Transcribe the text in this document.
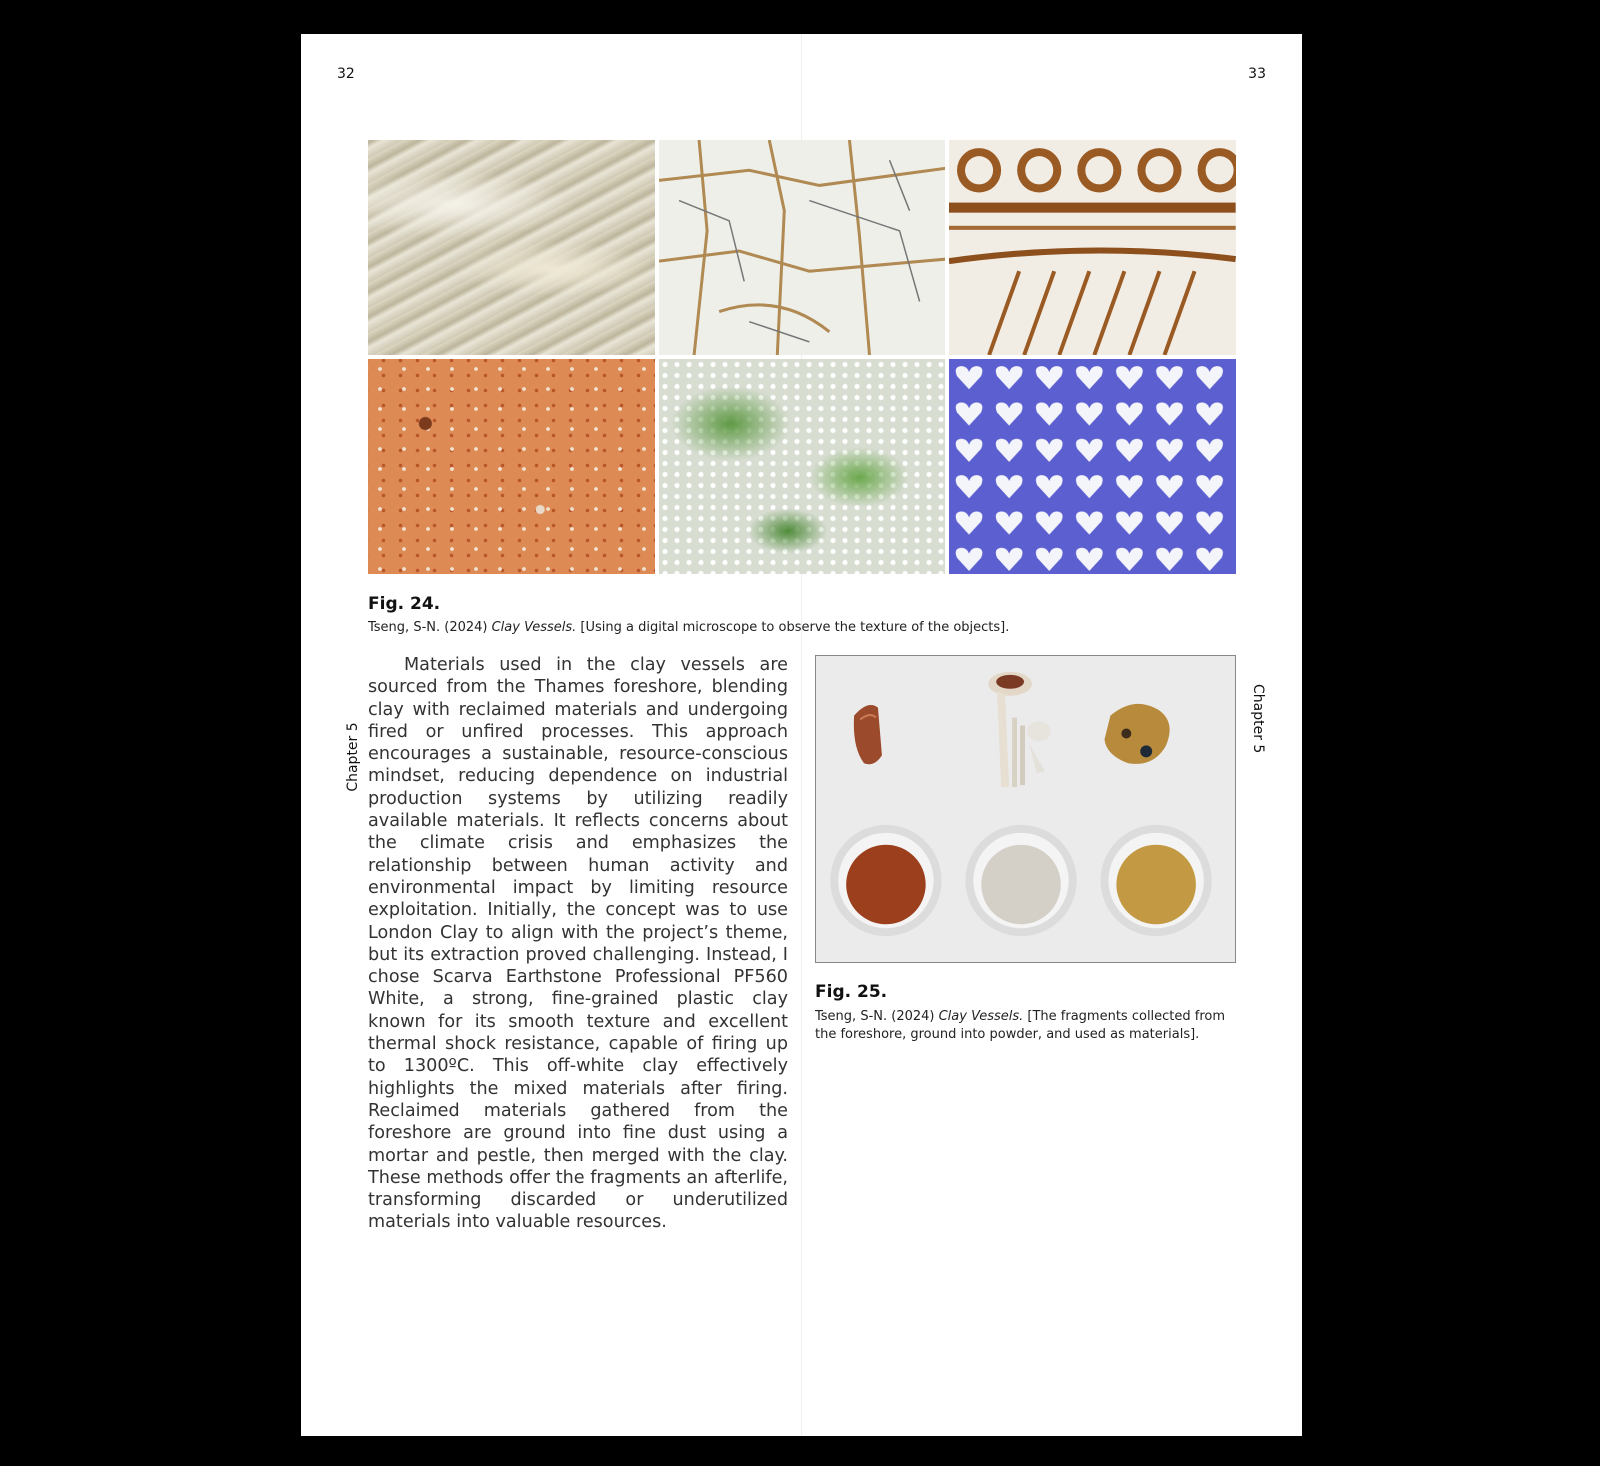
32	33
Chapter 5
Chapter 5
Fig. 24.
Tseng, S-N. (2024) Clay Vessels. [Using a digital microscope to observe the texture of the objects].

Materials used in the clay vessels are sourced from the Thames foreshore, blending clay with reclaimed materials and undergoing fired or unfired processes. This approach encourages a sustainable, resource-conscious mindset, reducing dependence on industrial production systems by utilizing readily available materials. It reflects concerns about the climate crisis and emphasizes the relationship between human activity and environmental impact by limiting resource exploitation. Initially, the concept was to use London Clay to align with the project’s theme, but its extraction proved challenging. Instead, I chose Scarva Earthstone Professional PF560 White, a strong, fine-grained plastic clay known for its smooth texture and excellent thermal shock resistance, capable of firing up to 1300ºC. This off-white clay effectively highlights the mixed materials after firing. Reclaimed materials gathered from the foreshore are ground into fine dust using a mortar and pestle, then merged with the clay. These methods offer the fragments an afterlife, transforming discarded or underutilized materials into valuable resources.

Fig. 25.
Tseng, S-N. (2024) Clay Vessels. [The fragments collected from the foreshore, ground into powder, and used as materials].
